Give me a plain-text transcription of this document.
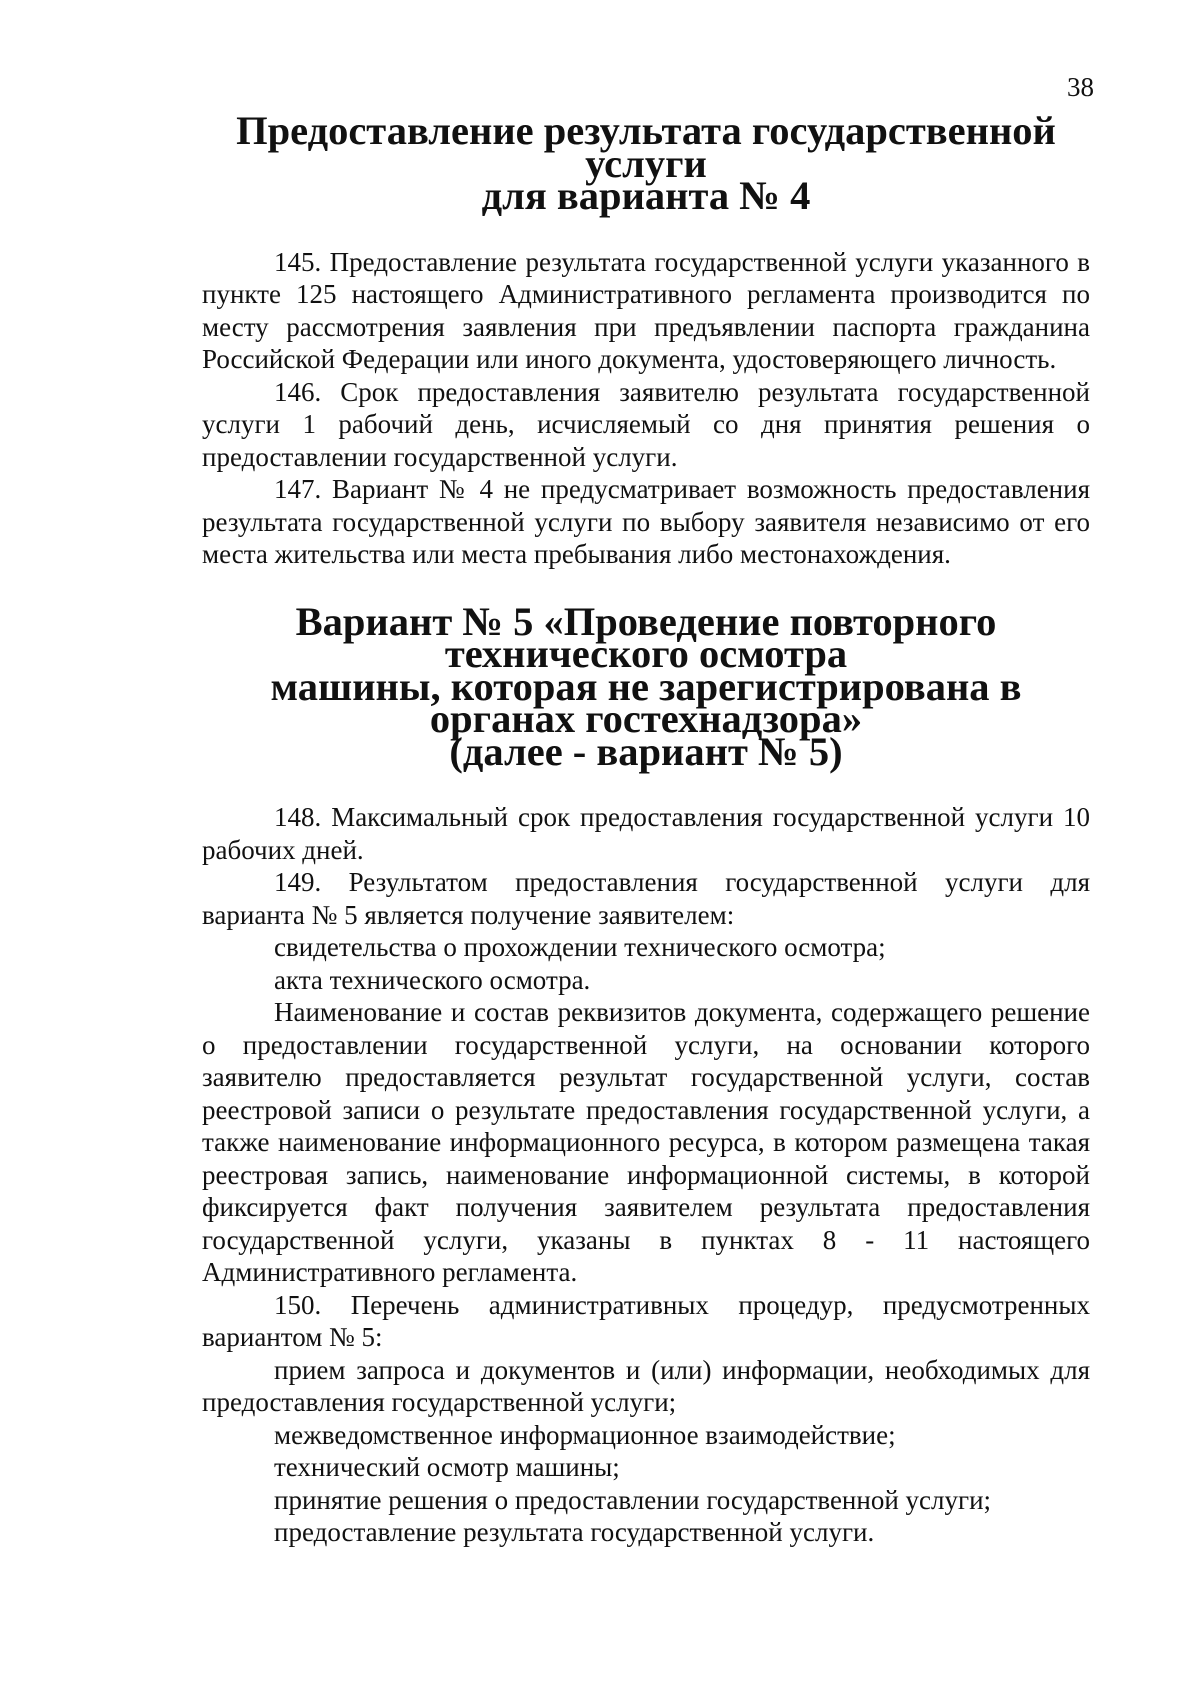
38
Предоставление результата государственной услуги
для варианта № 4

145. Предоставление результата государственной услуги указанного в пункте 125 настоящего Административного регламента производится по месту рассмотрения заявления при предъявлении паспорта гражданина Российской Федерации или иного документа, удостоверяющего личность.

146. Срок предоставления заявителю результата государственной услуги 1 рабочий день, исчисляемый со дня принятия решения о предоставлении государственной услуги.

147. Вариант № 4 не предусматривает возможность предоставления результата государственной услуги по выбору заявителя независимо от его места жительства или места пребывания либо местонахождения.

Вариант № 5 «Проведение повторного технического осмотра
машины, которая не зарегистрирована в органах гостехнадзора»
(далее - вариант № 5)

148. Максимальный срок предоставления государственной услуги 10 рабочих дней.

149. Результатом предоставления государственной услуги для варианта № 5 является получение заявителем:

свидетельства о прохождении технического осмотра;

акта технического осмотра.

Наименование и состав реквизитов документа, содержащего решение о предоставлении государственной услуги, на основании которого заявителю предоставляется результат государственной услуги, состав реестровой записи о результате предоставления государственной услуги, а также наименование информационного ресурса, в котором размещена такая реестровая запись, наименование информационной системы, в которой фиксируется факт получения заявителем результата предоставления государственной услуги, указаны в пунктах 8 - 11 настоящего Административного регламента.

150. Перечень административных процедур, предусмотренных вариантом № 5:

прием запроса и документов и (или) информации, необходимых для предоставления государственной услуги;

межведомственное информационное взаимодействие;

технический осмотр машины;

принятие решения о предоставлении государственной услуги;

предоставление результата государственной услуги.
